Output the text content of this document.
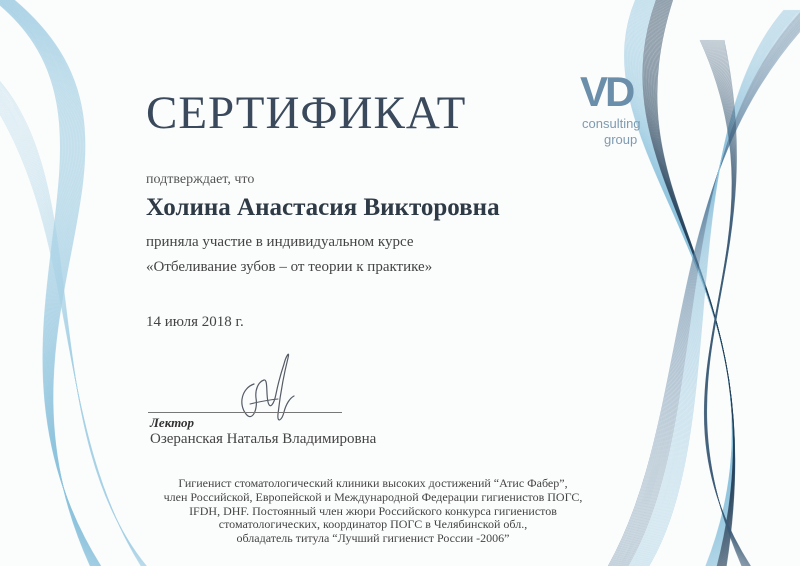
СЕРТИФИКАТ	VD
consulting
group
подтверждает, что
Холина Анастасия Викторовна
приняла участие в индивидуальном курсе
«Отбеливание зубов – от теории к практике»
14 июля 2018 г.
Лектор
Озеранская Наталья Владимировна
Гигиенист стоматологический клиники высоких достижений “Атис Фабер”,
член Российской, Европейской и Международной Федерации гигиенистов ПОГС,
IFDH, DHF. Постоянный член жюри Российского конкурса гигиенистов
стоматологических, координатор ПОГС в Челябинской обл.,
обладатель титула “Лучший гигиенист России -2006”
